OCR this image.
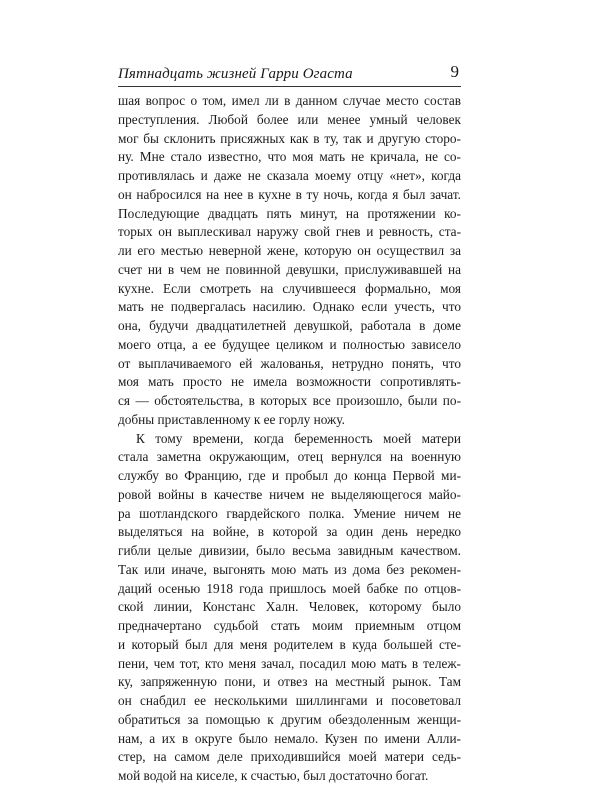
Пятнадцать жизней Гарри Огаста	9

шая вопрос о том, имел ли в данном случае место состав
преступления. Любой более или менее умный человек
мог бы склонить присяжных как в ту, так и другую сторо-
ну. Мне стало известно, что моя мать не кричала, не со-
противлялась и даже не сказала моему отцу «нет», когда
он набросился на нее в кухне в ту ночь, когда я был зачат.
Последующие двадцать пять минут, на протяжении ко-
торых он выплескивал наружу свой гнев и ревность, ста-
ли его местью неверной жене, которую он осуществил за
счет ни в чем не повинной девушки, прислуживавшей на
кухне. Если смотреть на случившееся формально, моя
мать не подвергалась насилию. Однако если учесть, что
она, будучи двадцатилетней девушкой, работала в доме
моего отца, а ее будущее целиком и полностью зависело
от выплачиваемого ей жалованья, нетрудно понять, что
моя мать просто не имела возможности сопротивлять-
ся — обстоятельства, в которых все произошло, были по-
добны приставленному к ее горлу ножу.

К тому времени, когда беременность моей матери
стала заметна окружающим, отец вернулся на военную
службу во Францию, где и пробыл до конца Первой ми-
ровой войны в качестве ничем не выделяющегося майо-
ра шотландского гвардейского полка. Умение ничем не
выделяться на войне, в которой за один день нередко
гибли целые дивизии, было весьма завидным качеством.
Так или иначе, выгонять мою мать из дома без рекомен-
даций осенью 1918 года пришлось моей бабке по отцов-
ской линии, Констанс Халн. Человек, которому было
предначертано судьбой стать моим приемным отцом
и который был для меня родителем в куда большей сте-
пени, чем тот, кто меня зачал, посадил мою мать в тележ-
ку, запряженную пони, и отвез на местный рынок. Там
он снабдил ее несколькими шиллингами и посоветовал
обратиться за помощью к другим обездоленным женщи-
нам, а их в округе было немало. Кузен по имени Алли-
стер, на самом деле приходившийся моей матери седь-
мой водой на киселе, к счастью, был достаточно богат.
